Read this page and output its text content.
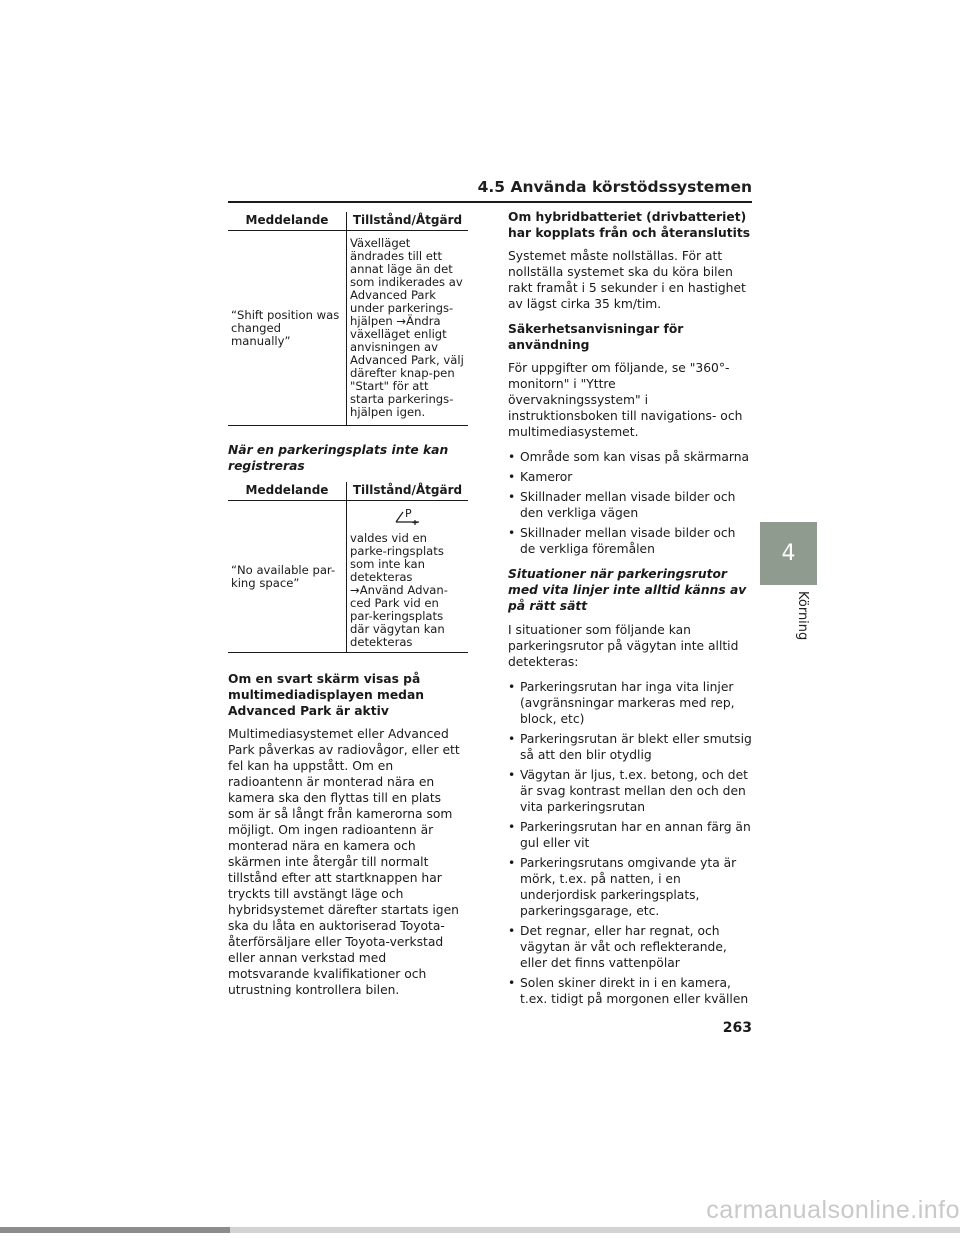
4.5 Använda körstödssystemen
Meddelande	Tillstånd/Åtgärd
“Shift position was changed manually”	Växelläget ändrades till ett annat läge än det som indikerades av Advanced Park under parkerings-hjälpen →Ändra växelläget enligt anvisningen av Advanced Park, välj därefter knap-pen "Start" för att starta parkerings-hjälpen igen.
När en parkeringsplats inte kan registreras
Meddelande	Tillstånd/Åtgärd
“No available par-king space”	P
valdes vid en parke-ringsplats som inte kan detekteras →Använd Advan-ced Park vid en par-keringsplats där vägytan kan detekteras
Om en svart skärm visas på multimediadisplayen medan Advanced Park är aktiv

Multimediasystemet eller Advanced Park påverkas av radiovågor, eller ett fel kan ha uppstått. Om en radioantenn är monterad nära en kamera ska den flyttas till en plats som är så långt från kamerorna som möjligt. Om ingen radioantenn är monterad nära en kamera och skärmen inte återgår till normalt tillstånd efter att startknappen har tryckts till avstängt läge och hybridsystemet därefter startats igen ska du låta en auktoriserad Toyota-återförsäljare eller Toyota-verkstad eller annan verkstad med motsvarande kvalifikationer och utrustning kontrollera bilen.

Om hybridbatteriet (drivbatteriet) har kopplats från och återanslutits

Systemet måste nollställas. För att nollställa systemet ska du köra bilen rakt framåt i 5 sekunder i en hastighet av lägst cirka 35 km/tim.

Säkerhetsanvisningar för användning

För uppgifter om följande, se "360°-monitorn" i "Yttre övervakningssystem" i instruktionsboken till navigations- och multimediasystemet.

• Område som kan visas på skärmarna
• Kameror
• Skillnader mellan visade bilder och den verkliga vägen
• Skillnader mellan visade bilder och de verkliga föremålen
Situationer när parkeringsrutor med vita linjer inte alltid känns av på rätt sätt

I situationer som följande kan parkeringsrutor på vägytan inte alltid detekteras:

• Parkeringsrutan har inga vita linjer (avgränsningar markeras med rep, block, etc)
• Parkeringsrutan är blekt eller smutsig så att den blir otydlig
• Vägytan är ljus, t.ex. betong, och det är svag kontrast mellan den och den vita parkeringsrutan
• Parkeringsrutan har en annan färg än gul eller vit
• Parkeringsrutans omgivande yta är mörk, t.ex. på natten, i en underjordisk parkeringsplats, parkeringsgarage, etc.
• Det regnar, eller har regnat, och vägytan är våt och reflekterande, eller det finns vattenpölar
• Solen skiner direkt in i en kamera, t.ex. tidigt på morgonen eller kvällen
4
Körning
263
carmanualsonline.info
